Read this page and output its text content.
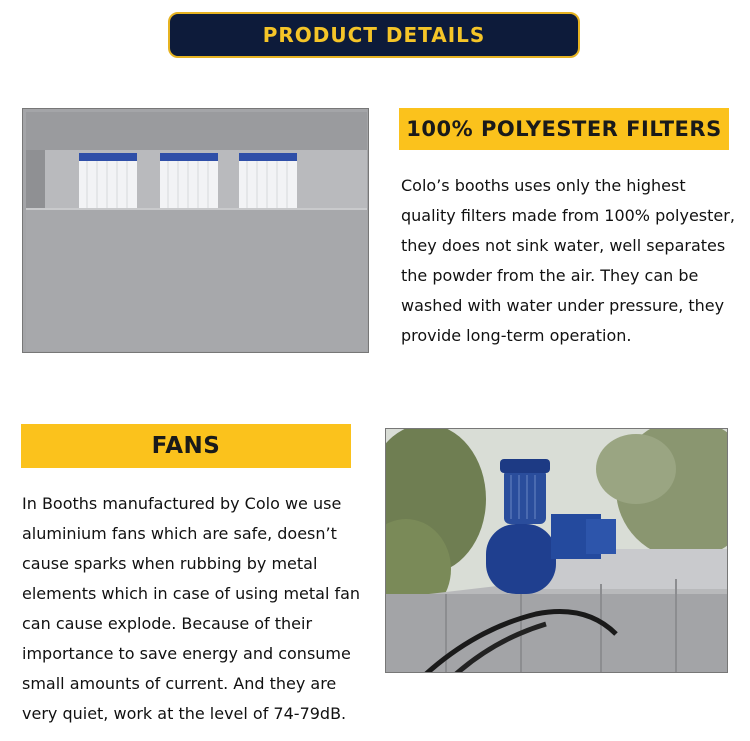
PRODUCT DETAILS
100% POLYESTER FILTERS

Colo’s booths uses only the highest quality filters made from 100% polyester, they does not sink water, well separates the powder from the air. They can be washed with water under pressure, they provide long-term operation.

FANS

In Booths manufactured by Colo we use aluminium fans which are safe, doesn’t cause sparks when rubbing by metal elements which in case of using metal fan can cause explode. Because of their importance to save energy and consume small amounts of current. And they are very quiet, work at the level of 74-79dB.
